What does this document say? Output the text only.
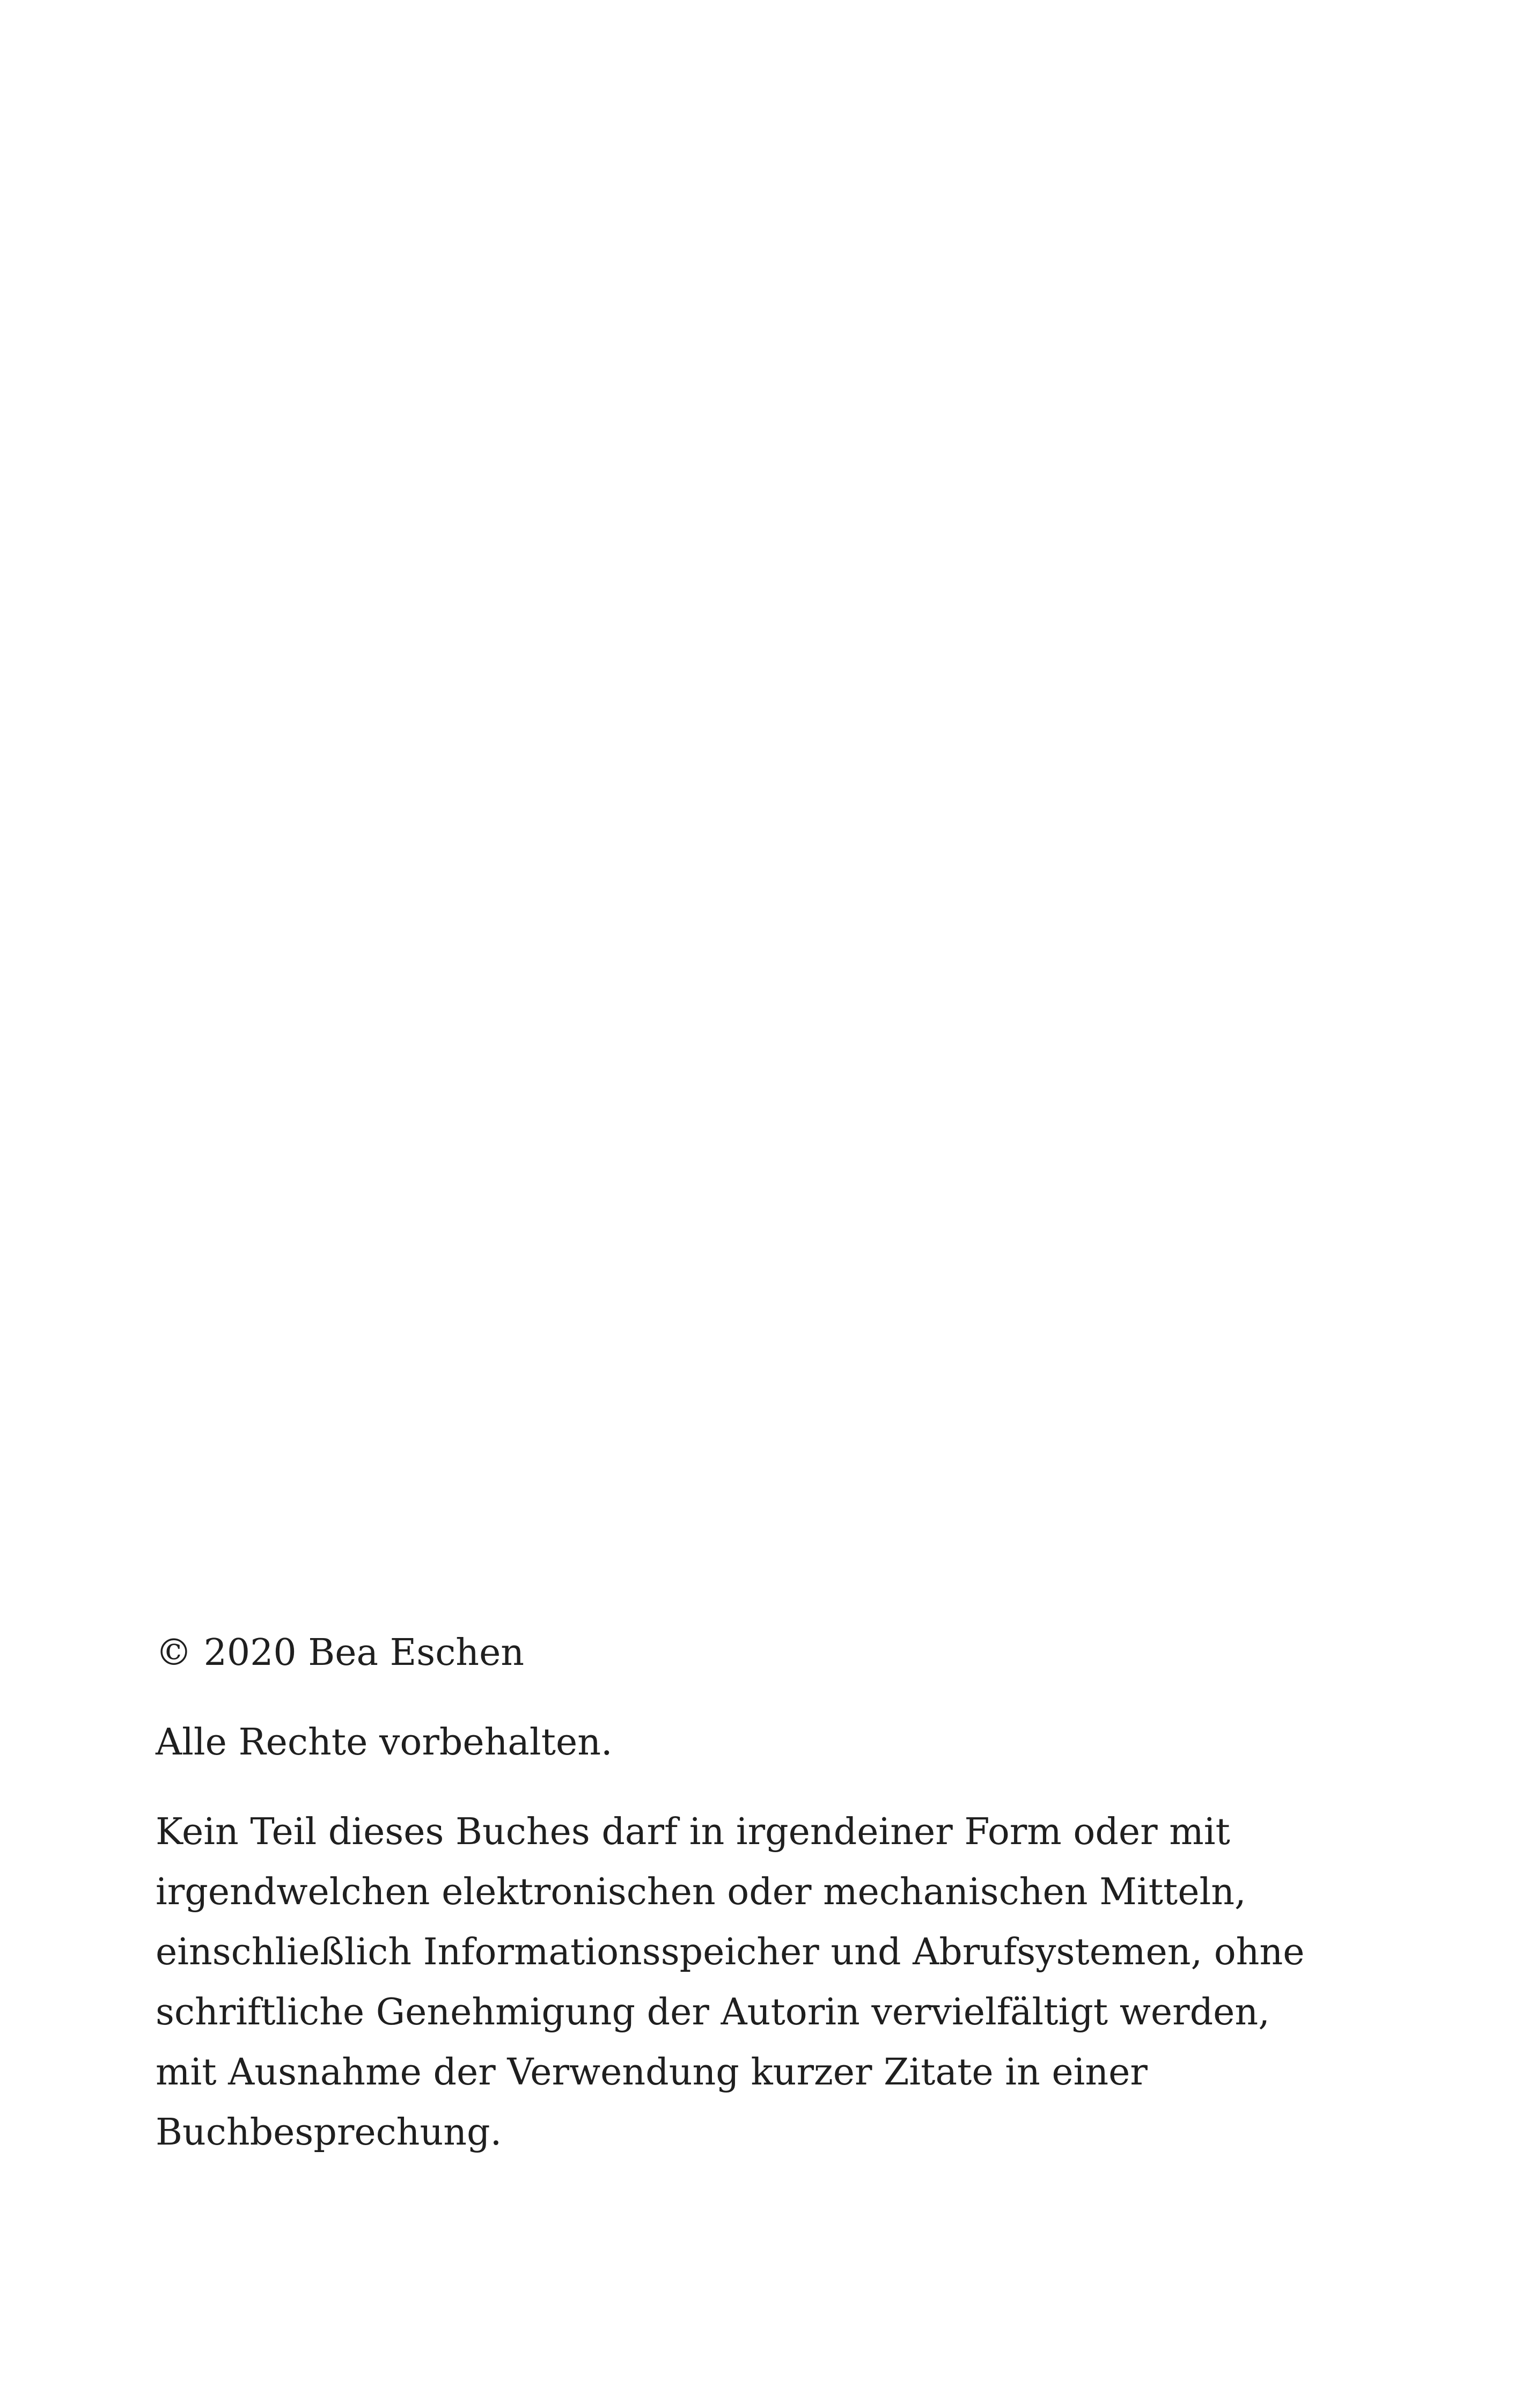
© 2020 Bea Eschen

Alle Rechte vorbehalten.

Kein Teil dieses Buches darf in irgendeiner Form oder mit
irgendwelchen elektronischen oder mechanischen Mitteln,
einschließlich Informationsspeicher und Abrufsystemen, ohne
schriftliche Genehmigung der Autorin vervielfältigt werden,
mit Ausnahme der Verwendung kurzer Zitate in einer
Buchbesprechung.
